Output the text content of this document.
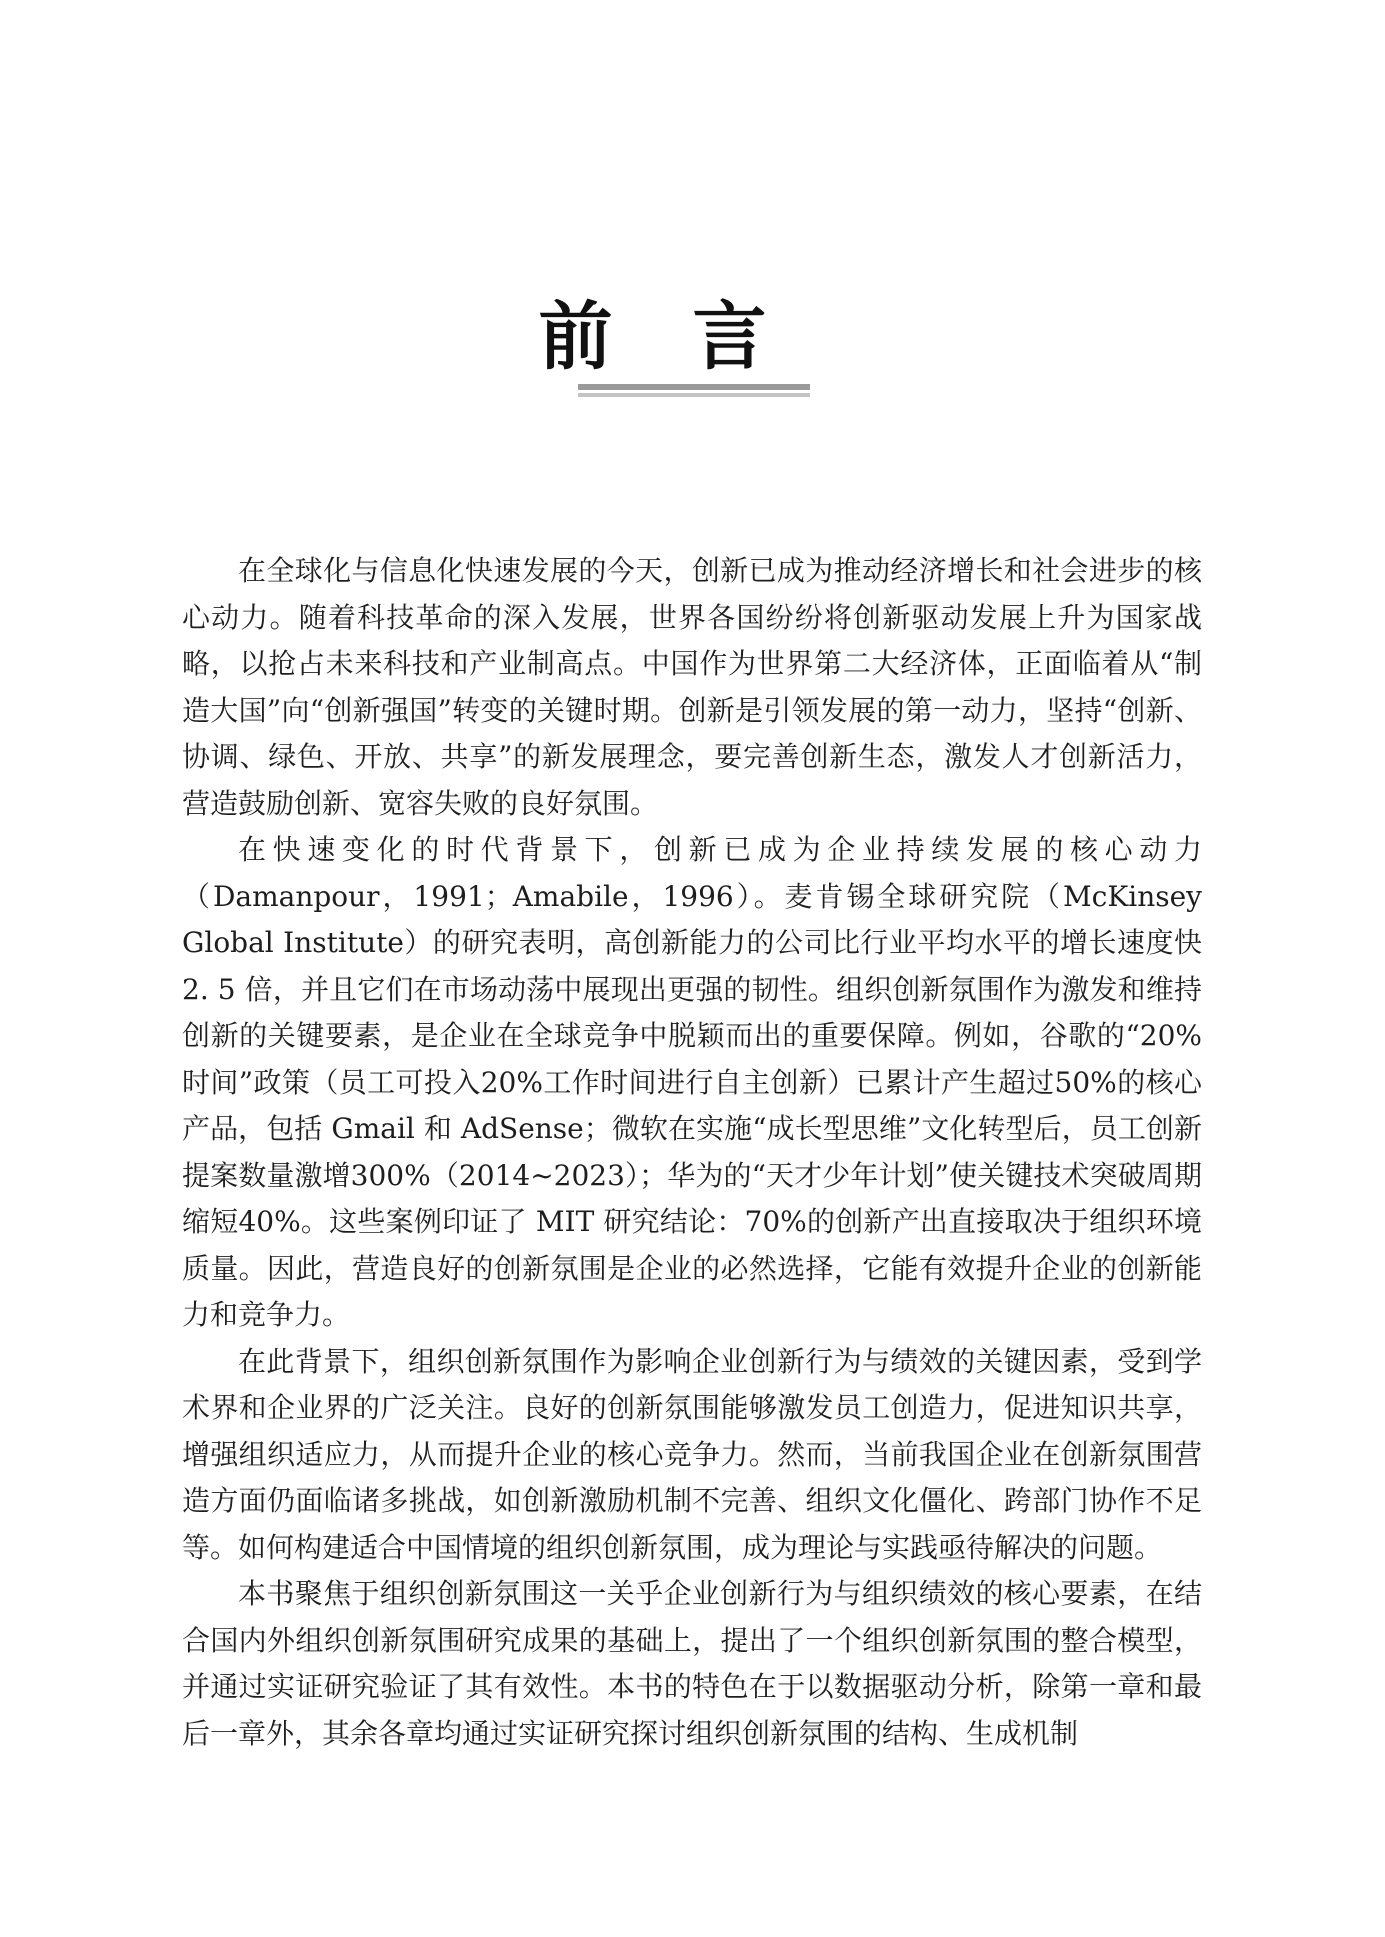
前言

在全球化与信息化快速发展的今天，创新已成为推动经济增长和社会进步的核心动力。随着科技革命的深入发展，世界各国纷纷将创新驱动发展上升为国家战略，以抢占未来科技和产业制高点。中国作为世界第二大经济体，正面临着从“制造大国”向“创新强国”转变的关键时期。创新是引领发展的第一动力，坚持“创新、协调、绿色、开放、共享”的新发展理念，要完善创新生态，激发人才创新活力，营造鼓励创新、宽容失败的良好氛围。

在快速变化的时代背景下，创新已成为企业持续发展的核心动力（Damanpour，1991；Amabile，1996）。麦肯锡全球研究院（McKinsey Global Institute）的研究表明，高创新能力的公司比行业平均水平的增长速度快 2. 5 倍，并且它们在市场动荡中展现出更强的韧性。组织创新氛围作为激发和维持创新的关键要素，是企业在全球竞争中脱颖而出的重要保障。例如，谷歌的“20%时间”政策（员工可投入20%工作时间进行自主创新）已累计产生超过50%的核心产品，包括 Gmail 和 AdSense；微软在实施“成长型思维”文化转型后，员工创新提案数量激增300%（2014~2023）；华为的“天才少年计划”使关键技术突破周期缩短40%。这些案例印证了 MIT 研究结论：70%的创新产出直接取决于组织环境质量。因此，营造良好的创新氛围是企业的必然选择，它能有效提升企业的创新能力和竞争力。

在此背景下，组织创新氛围作为影响企业创新行为与绩效的关键因素，受到学术界和企业界的广泛关注。良好的创新氛围能够激发员工创造力，促进知识共享，增强组织适应力，从而提升企业的核心竞争力。然而，当前我国企业在创新氛围营造方面仍面临诸多挑战，如创新激励机制不完善、组织文化僵化、跨部门协作不足等。如何构建适合中国情境的组织创新氛围，成为理论与实践亟待解决的问题。

本书聚焦于组织创新氛围这一关乎企业创新行为与组织绩效的核心要素，在结合国内外组织创新氛围研究成果的基础上，提出了一个组织创新氛围的整合模型，并通过实证研究验证了其有效性。本书的特色在于以数据驱动分析，除第一章和最后一章外，其余各章均通过实证研究探讨组织创新氛围的结构、生成机制
